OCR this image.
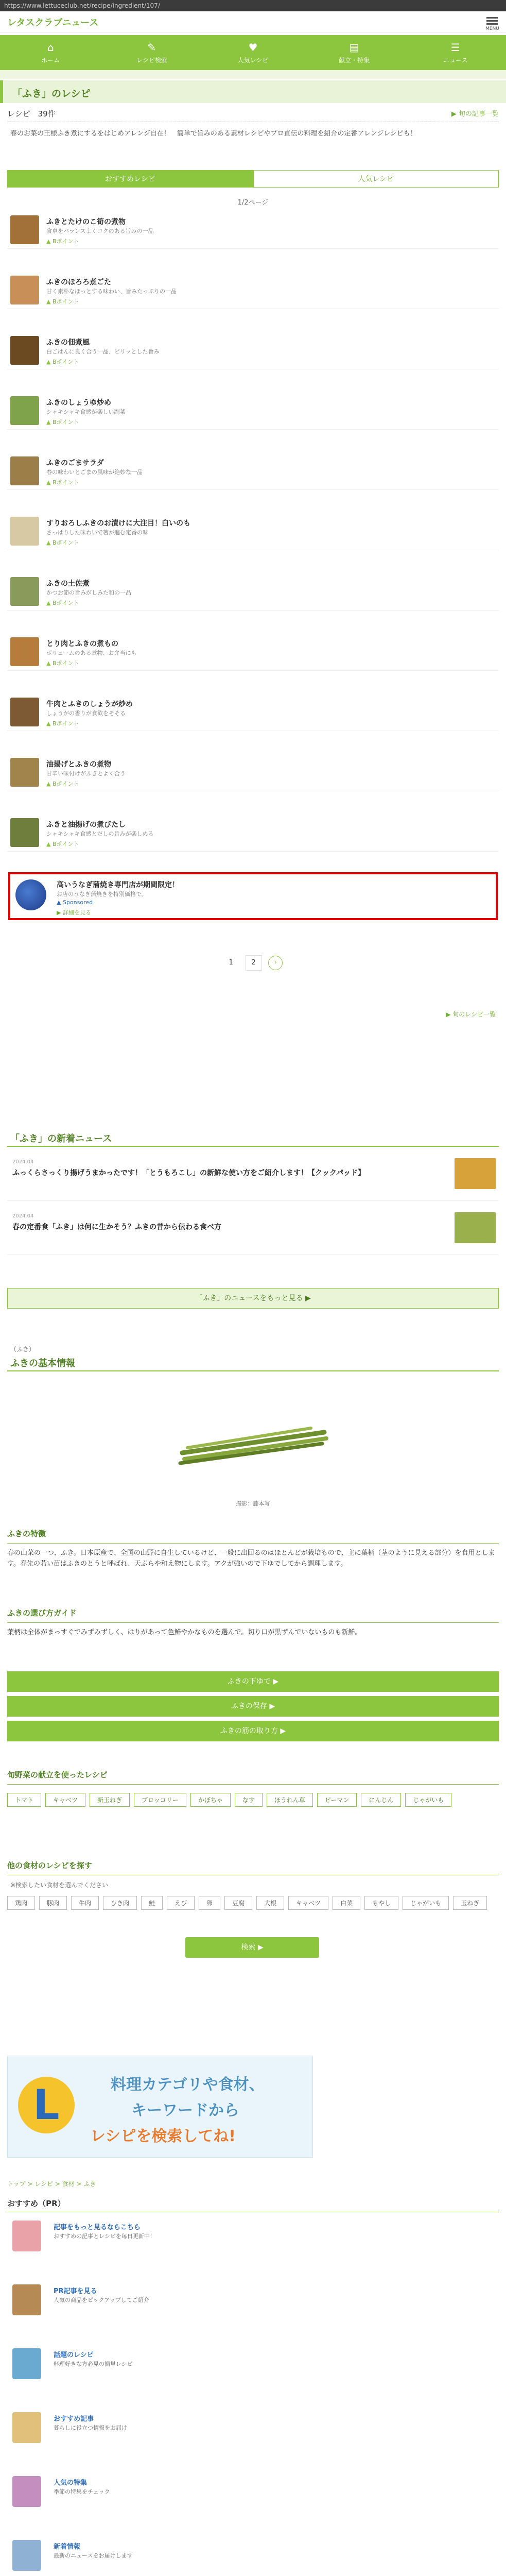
https://www.lettuceclub.net/recipe/ingredient/107/
レタスクラブニュース
MENU
⌂
ホーム
✎
レシピ検索
♥
人気レシピ
▤
献立・特集
☰
ニュース
「ふき」のレシピ
レシピ　39件	▶ 旬の記事一覧
春のお菜の王様ふき煮にするをはじめアレンジ自在！　簡単で旨みのある素材レシピやプロ直伝の料理を紹介の定番アレンジレシピも！
おすすめレシピ	人気レシピ
1/2ページ
ふきとたけのこ筍の煮物
食卓をバランスよくコクのある旨みの一品
▲ Bポイント
ふきのほろろ煮ごた
甘く素朴なほっとする味わい、旨みたっぷりの一品
▲ Bポイント
ふきの佃煮風
白ごはんに良く合う一品、ピリッとした旨み
▲ Bポイント
ふきのしょうゆ炒め
シャキシャキ食感が楽しい副菜
▲ Bポイント
ふきのごまサラダ
春の味わいとごまの風味が絶妙な一品
▲ Bポイント
すりおろしふきのお漬けに大注目！白いのも
さっぱりした味わいで箸が進む定番の味
▲ Bポイント
ふきの土佐煮
かつお節の旨みがしみた和の一品
▲ Bポイント
とり肉とふきの煮もの
ボリュームのある煮物、お弁当にも
▲ Bポイント
牛肉とふきのしょうが炒め
しょうがの香りが食欲をそそる
▲ Bポイント
油揚げとふきの煮物
甘辛い味付けがふきとよく合う
▲ Bポイント
ふきと油揚げの煮びたし
シャキシャキ食感とだしの旨みが楽しめる
▲ Bポイント
高いうなぎ蒲焼き専門店が期間限定！
お店のうなぎ蒲焼きを特別価格で。
▲ Sponsored
▶ 詳細を見る
1	2	›
▶ 旬のレシピ一覧
「ふき」の新着ニュース
2024.04
ふっくらさっくり揚げうまかったです！「とうもろこし」の新鮮な使い方をご紹介します！【クックパッド】
2024.04
春の定番食「ふき」は何に生かそう？ふきの昔から伝わる食べ方
「ふき」のニュースをもっと見る ▶
（ふき）
ふきの基本情報
撮影：藤本写
ふきの特徴
春の山菜の一つ、ふき。日本原産で、全国の山野に自生しているけど、一般に出回るのはほとんどが栽培もので、主に葉柄（茎のように見える部分）を食用とします。春先の若い苗はふきのとうと呼ばれ、天ぷらや和え物にします。アクが強いので下ゆでしてから調理します。
ふきの選び方ガイド
葉柄は全体がまっすぐでみずみずしく、はりがあって色鮮やかなものを選んで。切り口が黒ずんでいないものも新鮮。
ふきの下ゆで ▶
ふきの保存 ▶
ふきの筋の取り方 ▶
旬野菜の献立を使ったレシピ
トマト	キャベツ	新玉ねぎ	ブロッコリー	かぼちゃ	なす	ほうれん草	ピーマン	にんじん	じゃがいも
他の食材のレシピを探す
※検索したい食材を選んでください
鶏肉	豚肉	牛肉	ひき肉	鮭	えび	卵	豆腐	大根	キャベツ	白菜	もやし	じゃがいも	玉ねぎ
検索 ▶
L	料理カテゴリや食材、
キーワードから
レシピを検索してね!
トップ > レシピ > 食材 > ふき
おすすめ（PR）
記事をもっと見るならこちら
おすすめの記事とレシピを毎日更新中！
PR記事を見る
人気の商品をピックアップしてご紹介
話題のレシピ
料理好きな方必見の簡単レシピ
おすすめ記事
暮らしに役立つ情報をお届け
人気の特集
季節の特集をチェック
新着情報
最新のニュースをお届けします
